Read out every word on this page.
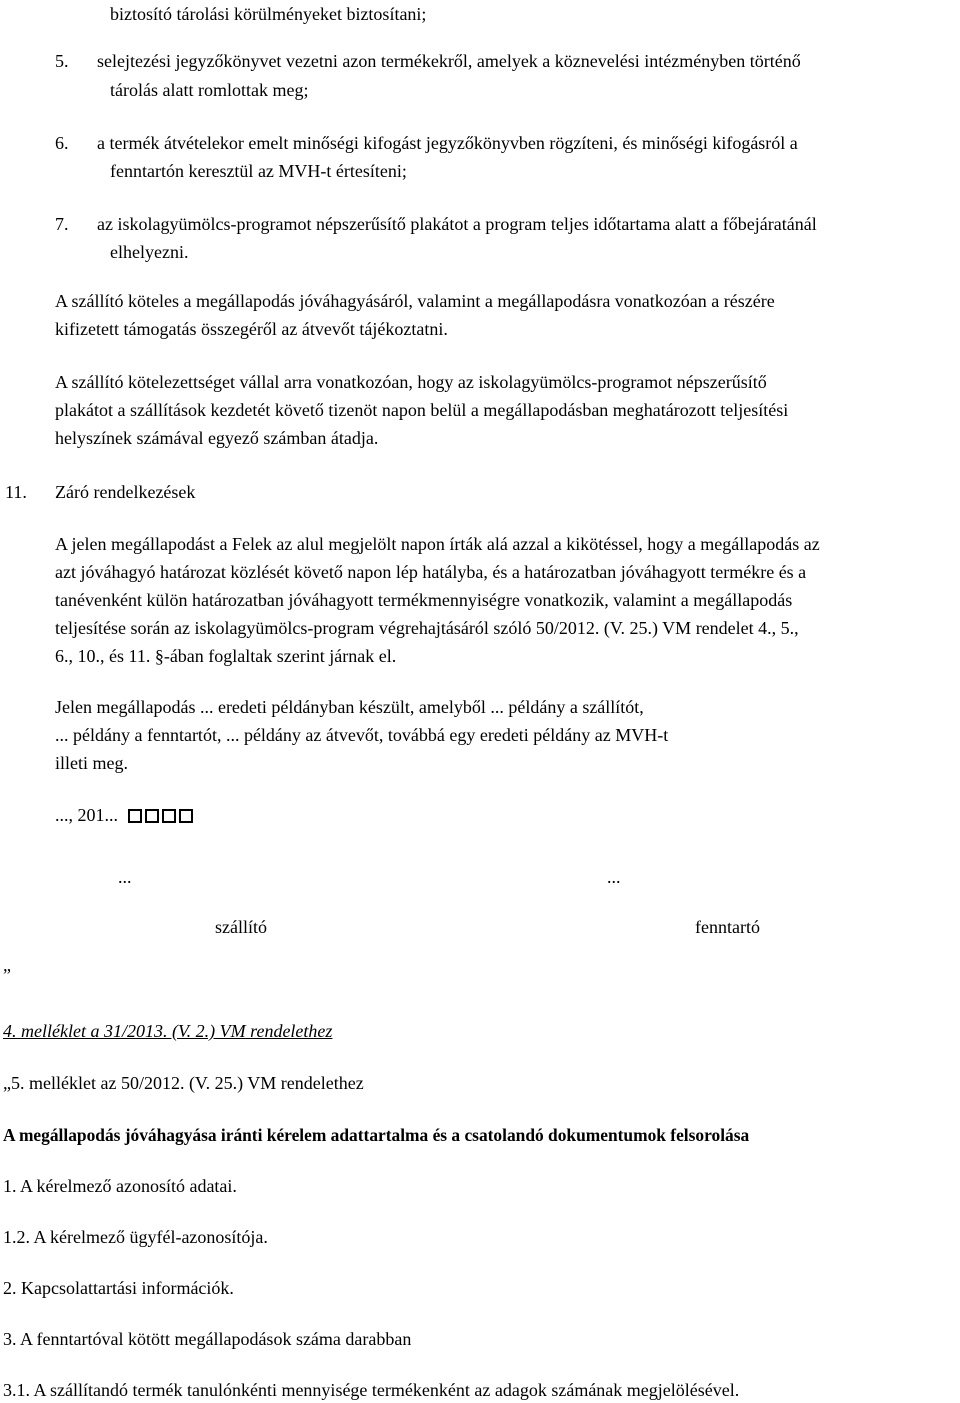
biztosító tárolási körülményeket biztosítani;
5. selejtezési jegyzőkönyvet vezetni azon termékekről, amelyek a köznevelési intézményben történő
tárolás alatt romlottak meg;
6. a termék átvételekor emelt minőségi kifogást jegyzőkönyvben rögzíteni, és minőségi kifogásról a
fenntartón keresztül az MVH-t értesíteni;
7. az iskolagyümölcs-programot népszerűsítő plakátot a program teljes időtartama alatt a főbejáratánál
elhelyezni.
A szállító köteles a megállapodás jóváhagyásáról, valamint a megállapodásra vonatkozóan a részére
kifizetett támogatás összegéről az átvevőt tájékoztatni.
A szállító kötelezettséget vállal arra vonatkozóan, hogy az iskolagyümölcs-programot népszerűsítő
plakátot a szállítások kezdetét követő tizenöt napon belül a megállapodásban meghatározott teljesítési
helyszínek számával egyező számban átadja.
11. Záró rendelkezések
A jelen megállapodást a Felek az alul megjelölt napon írták alá azzal a kikötéssel, hogy a megállapodás az
azt jóváhagyó határozat közlését követő napon lép hatályba, és a határozatban jóváhagyott termékre és a
tanévenként külön határozatban jóváhagyott termékmennyiségre vonatkozik, valamint a megállapodás
teljesítése során az iskolagyümölcs-program végrehajtásáról szóló 50/2012. (V. 25.) VM rendelet 4., 5.,
6., 10., és 11. §-ában foglaltak szerint járnak el.
Jelen megállapodás ... eredeti példányban készült, amelyből ... példány a szállítót,
... példány a fenntartót, ... példány az átvevőt, továbbá egy eredeti példány az MVH-t
illeti meg.
..., 201...
...	...
szállító	fenntartó
”
4. melléklet a 31/2013. (V. 2.) VM rendelethez
„5. melléklet az 50/2012. (V. 25.) VM rendelethez
A megállapodás jóváhagyása iránti kérelem adattartalma és a csatolandó dokumentumok felsorolása
1. A kérelmező azonosító adatai.
1.2. A kérelmező ügyfél-azonosítója.
2. Kapcsolattartási információk.
3. A fenntartóval kötött megállapodások száma darabban
3.1. A szállítandó termék tanulónkénti mennyisége termékenként az adagok számának megjelölésével.
